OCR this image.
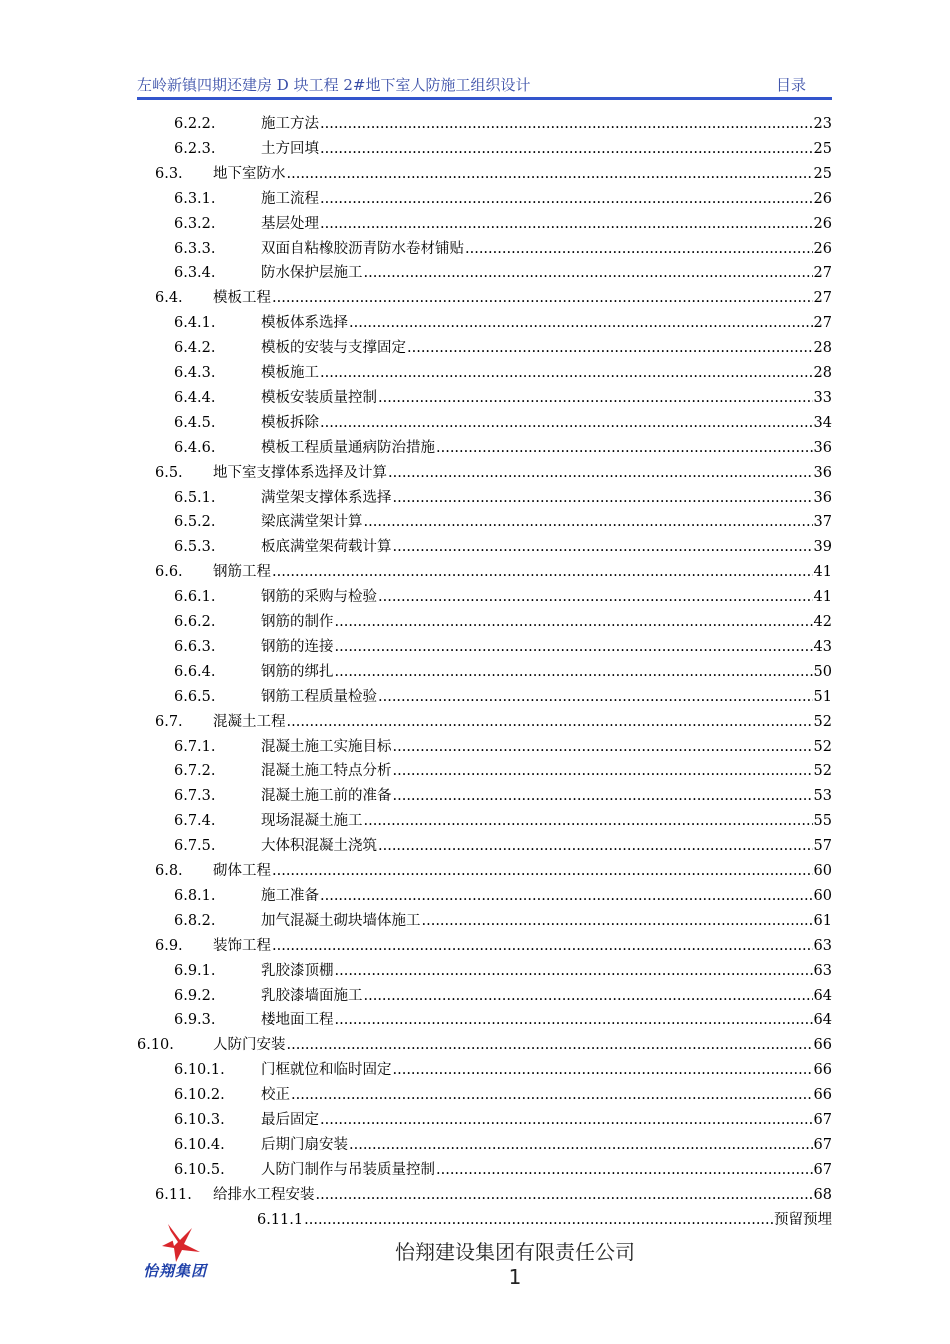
左岭新镇四期还建房 D 块工程 2#地下室人防施工组织设计	目录
6.2.2.	施工方法 .....	23
6.2.3.	土方回填 .....	25
6.3. 地下室防水 .....	25
6.3.1.	施工流程 .....	26
6.3.2.	基层处理 .....	26
6.3.3.	双面自粘橡胶沥青防水卷材铺贴 .....	26
6.3.4.	防水保护层施工 .....	27
6.4. 模板工程 .....	27
6.4.1.	模板体系选择 .....	27
6.4.2.	模板的安装与支撑固定 .....	28
6.4.3.	模板施工 .....	28
6.4.4.	模板安装质量控制 .....	33
6.4.5.	模板拆除 .....	34
6.4.6.	模板工程质量通病防治措施 .....	36
6.5. 地下室支撑体系选择及计算 .....	36
6.5.1.	满堂架支撑体系选择 .....	36
6.5.2.	梁底满堂架计算 .....	37
6.5.3.	板底满堂架荷载计算 .....	39
6.6. 钢筋工程 .....	41
6.6.1.	钢筋的采购与检验 .....	41
6.6.2.	钢筋的制作 .....	42
6.6.3.	钢筋的连接 .....	43
6.6.4.	钢筋的绑扎 .....	50
6.6.5.	钢筋工程质量检验 .....	51
6.7. 混凝土工程 .....	52
6.7.1.	混凝土施工实施目标 .....	52
6.7.2.	混凝土施工特点分析 .....	52
6.7.3.	混凝土施工前的准备 .....	53
6.7.4.	现场混凝土施工 .....	55
6.7.5.	大体积混凝土浇筑 .....	57
6.8. 砌体工程 .....	60
6.8.1.	施工准备 .....	60
6.8.2.	加气混凝土砌块墙体施工 .....	61
6.9. 装饰工程 .....	63
6.9.1.	乳胶漆顶棚 .....	63
6.9.2.	乳胶漆墙面施工 .....	64
6.9.3.	楼地面工程 .....	64
6.10.	人防门安装 .....	66
6.10.1.	门框就位和临时固定 .....	66
6.10.2.	校正 .....	66
6.10.3.	最后固定 .....	67
6.10.4.	后期门扇安装 .....	67
6.10.5.	人防门制作与吊装质量控制 .....	67
6.11. 给排水工程安装 .....	68
6.11.1 .....	预留预埋
怡翔集团
怡翔建设集团有限责任公司
1
